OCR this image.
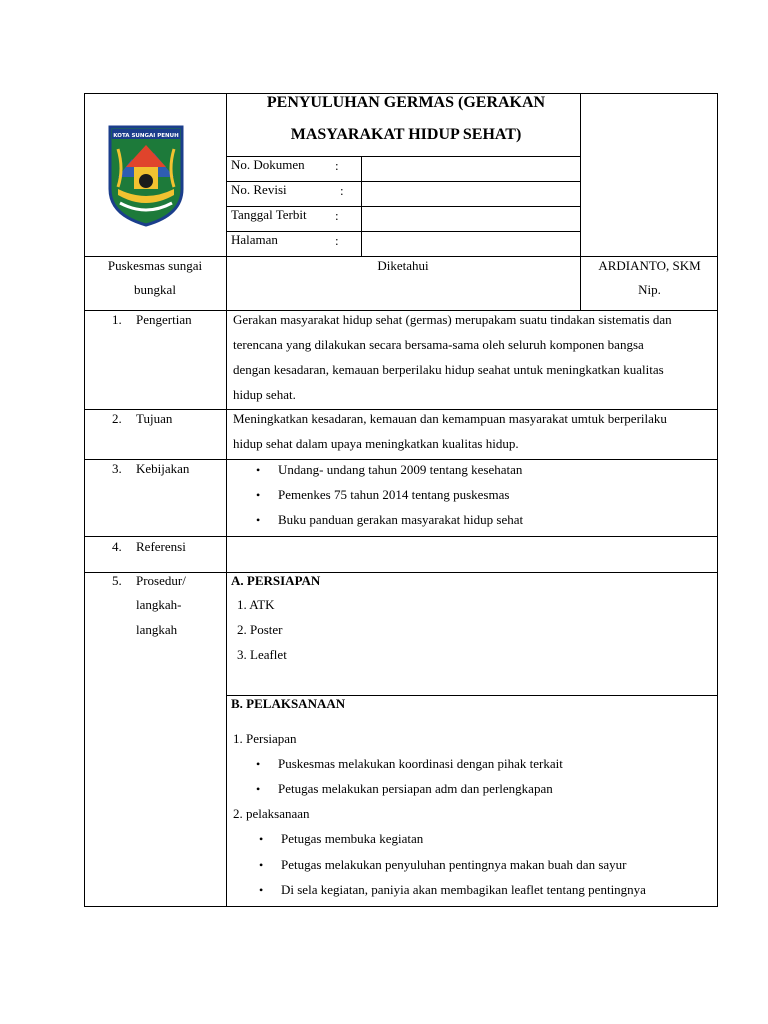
KOTA SUNGAI PENUH
PENYULUHAN GERMAS (GERAKAN
MASYARAKAT HIDUP SEHAT)
No. Dokumen :
No. Revisi	:
Tanggal Terbit :
Halaman	:
Puskesmas sungai
bungkal
Diketahui	ARDIANTO, SKM
Nip.
1. Pengertian	Gerakan masyarakat hidup sehat (germas) merupakam suatu tindakan sistematis dan
terencana yang dilakukan secara bersama-sama oleh seluruh komponen bangsa
dengan kesadaran, kemauan berperilaku hidup seahat untuk meningkatkan kualitas
hidup sehat.
2. Tujuan	Meningkatkan kesadaran, kemauan dan kemampuan masyarakat umtuk berperilaku
hidup sehat dalam upaya meningkatkan kualitas hidup.
3. Kebijakan
•	Undang- undang tahun 2009 tentang kesehatan
• Pemenkes 75 tahun 2014 tentang puskesmas
• Buku panduan gerakan masyarakat hidup sehat
4. Referensi
5. Prosedur/
langkah-
langkah
A. PERSIAPAN
1. ATK
2. Poster
3. Leaflet
B. PELAKSANAAN
1. Persiapan
• Puskesmas melakukan koordinasi dengan pihak terkait
• Petugas melakukan persiapan adm dan perlengkapan
2. pelaksanaan
• Petugas membuka kegiatan
• Petugas melakukan penyuluhan pentingnya makan buah dan sayur
• Di sela kegiatan, paniyia akan membagikan leaflet tentang pentingnya
